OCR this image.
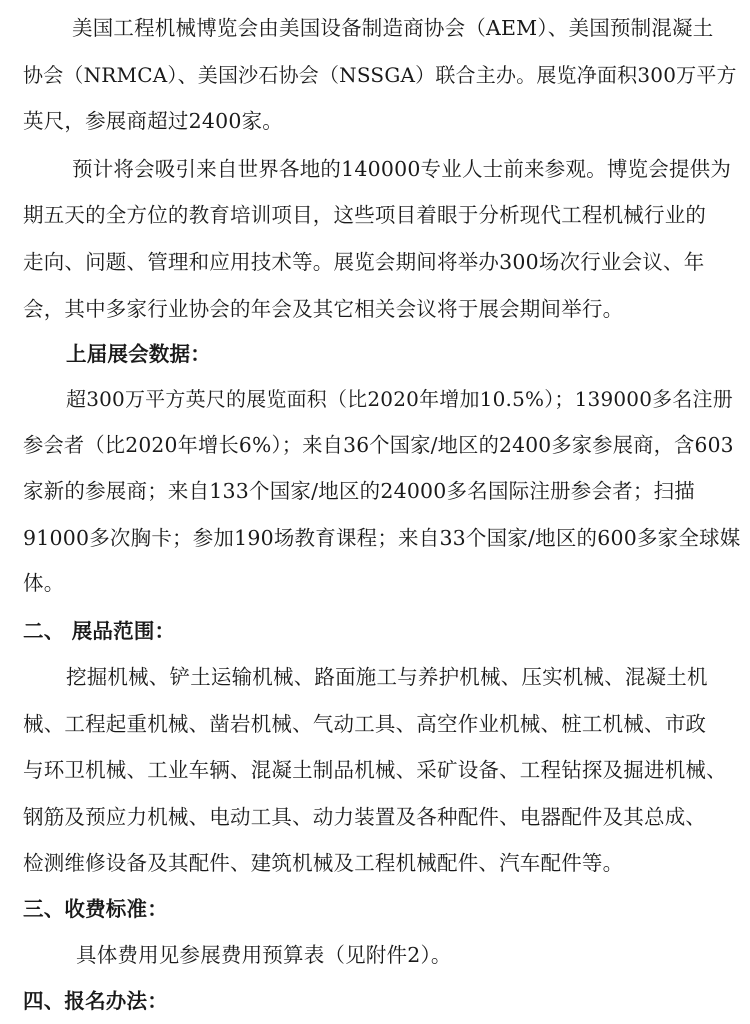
美国工程机械博览会由美国设备制造商协会（AEM）、美国预制混凝土
协会（NRMCA）、美国沙石协会（NSSGA）联合主办。展览净面积300万平方
英尺，参展商超过2400家。
预计将会吸引来自世界各地的140000专业人士前来参观。博览会提供为
期五天的全方位的教育培训项目，这些项目着眼于分析现代工程机械行业的
走向、问题、管理和应用技术等。展览会期间将举办300场次行业会议、年
会，其中多家行业协会的年会及其它相关会议将于展会期间举行。
上届展会数据：
超300万平方英尺的展览面积（比2020年增加10.5%）；139000多名注册
参会者（比2020年增长6%）；来自36个国家/地区的2400多家参展商，含603
家新的参展商；来自133个国家/地区的24000多名国际注册参会者；扫描
91000多次胸卡；参加190场教育课程；来自33个国家/地区的600多家全球媒
体。
二、 展品范围：
挖掘机械、铲土运输机械、路面施工与养护机械、压实机械、混凝土机
械、工程起重机械、凿岩机械、气动工具、高空作业机械、桩工机械、市政
与环卫机械、工业车辆、混凝土制品机械、采矿设备、工程钻探及掘进机械、
钢筋及预应力机械、电动工具、动力装置及各种配件、电器配件及其总成、
检测维修设备及其配件、建筑机械及工程机械配件、汽车配件等。
三、收费标准：
具体费用见参展费用预算表（见附件2）。
四、报名办法：
